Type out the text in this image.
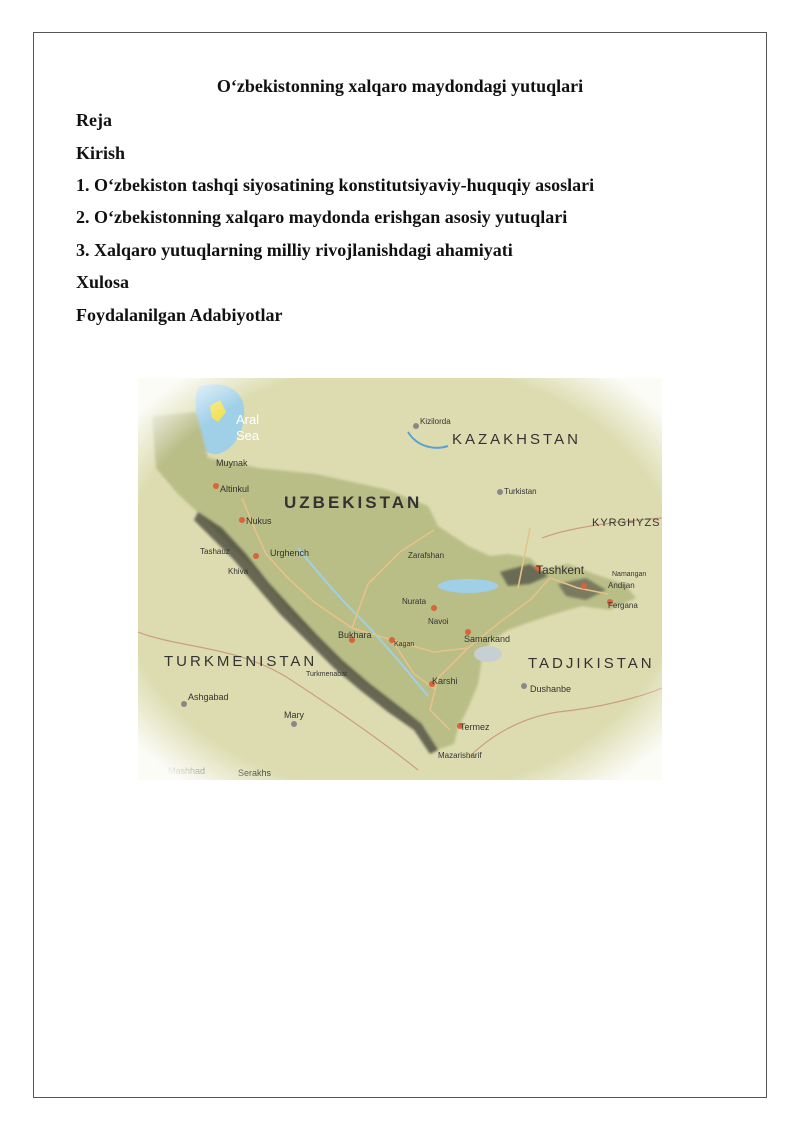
O‘zbekistonning xalqaro maydondagi yutuqlari
Reja
Kirish
1. O‘zbekiston tashqi siyosatining konstitutsiyaviy-huquqiy asoslari
2. O‘zbekistonning xalqaro maydonda erishgan asosiy yutuqlari
3. Xalqaro yutuqlarning milliy rivojlanishdagi ahamiyati
Xulosa
Foydalanilgan Adabiyotlar
